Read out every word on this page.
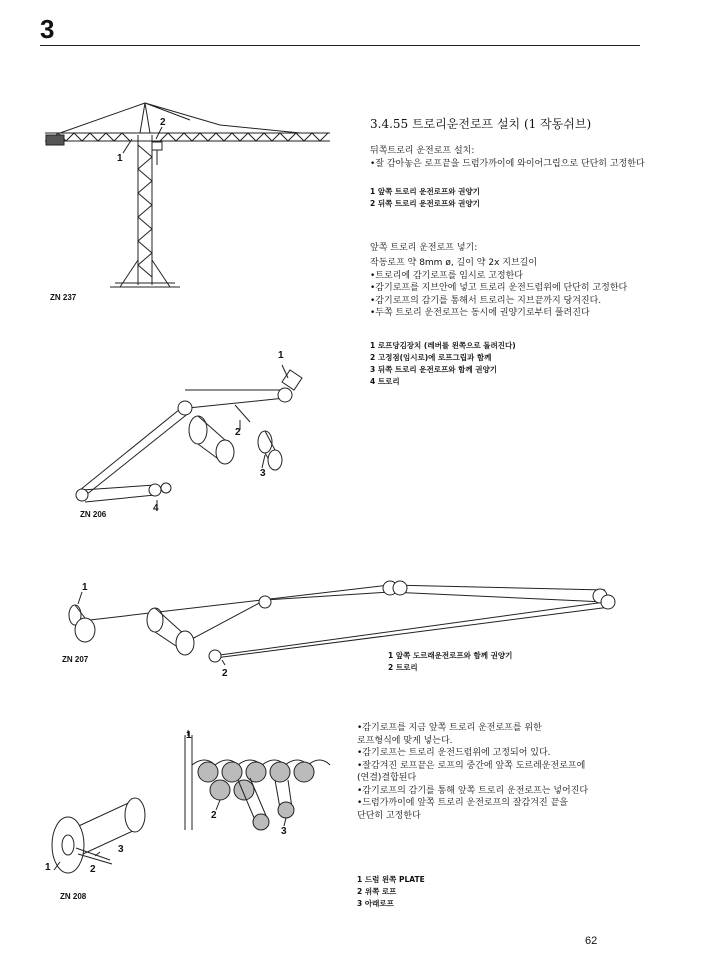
3
1
2
ZN 237
3.4.55 트로리운전로프 설치 (1 작동쉬브)
뒤쪽트로리 운전로프 설치:
•잘 감아놓은 로프끝을 드럼가까이에 와이어그립으로 단단히 고정한다
1 앞쪽 트로리 운전로프와 권양기
2 뒤쪽 트로리 운전로프와 권양기
앞쪽 트로리 운전로프 넣기:
작동로프 약 8mm ø, 길이 약 2x 지브길이
•트로리에 감기로프를 임시로 고정한다
•감기로프를 지브안에 넣고 트로리 운전드럼위에 단단히 고정한다
•감기로프의 감기를 통해서 트로리는 지브끝까지 당겨진다.
•두쪽 트로리 운전로프는 동시에 권양기로부터 풀려진다
1 로프당김장치 (레버를 왼쪽으로 돌려진다)
2 고정점(임시로)에 로프그립과 함께
3 뒤쪽 트로리 운전로프와 함께 권양기
4 트로리
1
2
3
4
ZN 206
1
2
ZN 207	1 앞쪽 도르래운전로프와 함께 권양기
2 트로리
1
2
3
1	2
3
ZN 208
•감기로프를 지금 앞쪽 트로리 운전로프를 위한
로프형식에 맞게 넣는다.
•감기로프는 트로리 운전드럼위에 고정되어 있다.
•잘감겨진 로프끝은 로프의 중간에 앞쪽 도르레운전로프에
(연결)결합된다
•감기로프의 감기를 통해 앞쪽 트로리 운전로프는 넣어진다
•드럼가까이에 앞쪽 트로리 운전로프의 잘감겨진 끝을
단단히 고정한다
1 드럼 왼쪽 PLATE
2 위쪽 로프
3 아래로프
62
